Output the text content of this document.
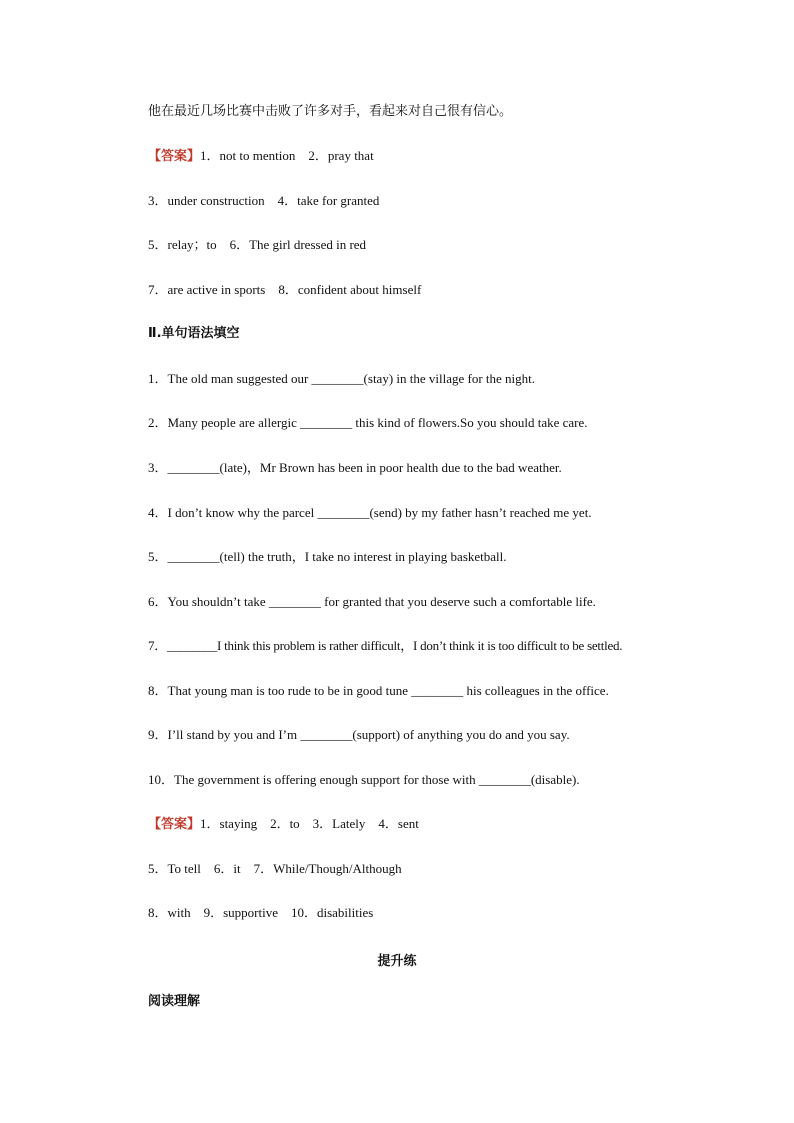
他在最近几场比赛中击败了许多对手，看起来对自己很有信心。
【答案】1．not to mention　2．pray that
3．under construction　4．take for granted
5．relay；to　6．The girl dressed in red
7．are active in sports　8．confident about himself
Ⅱ.单句语法填空
1．The old man suggested our ________(stay) in the village for the night.
2．Many people are allergic ________ this kind of flowers.So you should take care.
3．________(late)，Mr Brown has been in poor health due to the bad weather.
4．I don’t know why the parcel ________(send) by my father hasn’t reached me yet.
5．________(tell) the truth，I take no interest in playing basketball.
6．You shouldn’t take ________ for granted that you deserve such a comfortable life.
7．________I think this problem is rather difficult，I don’t think it is too difficult to be settled.
8．That young man is too rude to be in good tune ________ his colleagues in the office.
9．I’ll stand by you and I’m ________(support) of anything you do and you say.
10．The government is offering enough support for those with ________(disable).
【答案】1．staying　2．to　3．Lately　4．sent
5．To tell　6．it　7．While/Though/Although
8．with　9．supportive　10．disabilities
提升练
阅读理解
